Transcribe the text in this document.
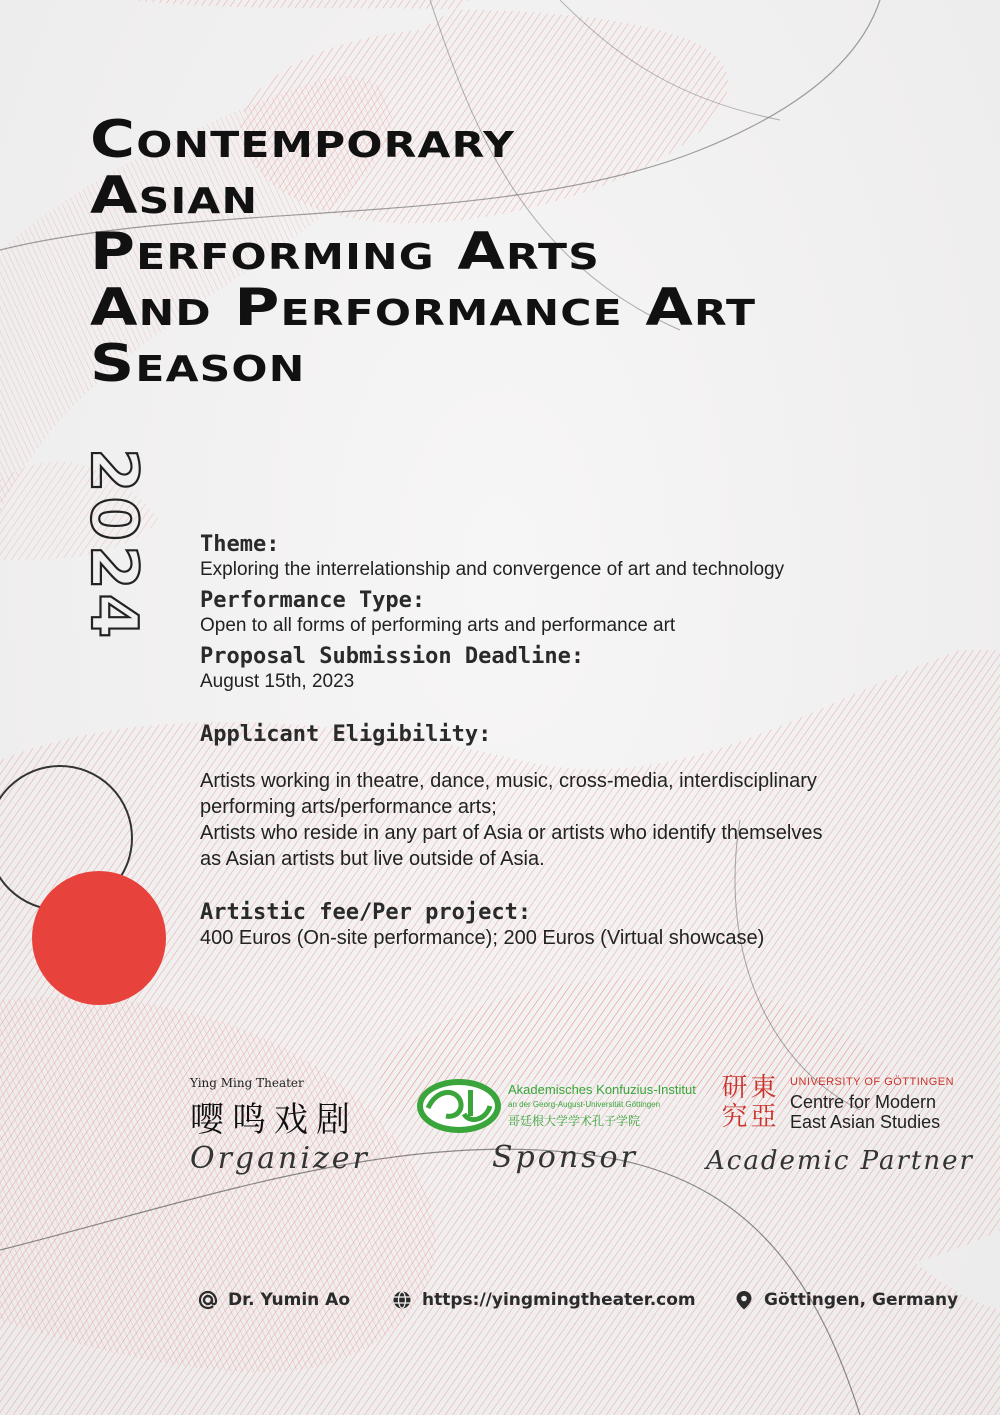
Contemporary
Asian
Performing Arts
And Performance Art
Season
2024 Theme:

Exploring the interrelationship and convergence of art and technology

Performance Type:

Open to all forms of performing arts and performance art

Proposal Submission Deadline:

August 15th, 2023

Applicant Eligibility:

Artists working in theatre, dance, music, cross-media, interdisciplinary

performing arts/performance arts;

Artists who reside in any part of Asia or artists who identify themselves

as Asian artists but live outside of Asia.

Artistic fee/Per project:

400 Euros (On-site performance); 200 Euros (Virtual showcase)

Ying Ming Theater
嘤鸣戏剧
Organizer
Akademisches Konfuzius-Institut
an der Georg-August-Universität Göttingen
哥廷根大学学术孔子学院
Sponsor
研 東
究 亞
UNIVERSITY OF GÖTTINGEN
Centre for Modern
East Asian Studies
Academic Partner
Dr. Yumin Ao	https://yingmingtheater.com	Göttingen, Germany
